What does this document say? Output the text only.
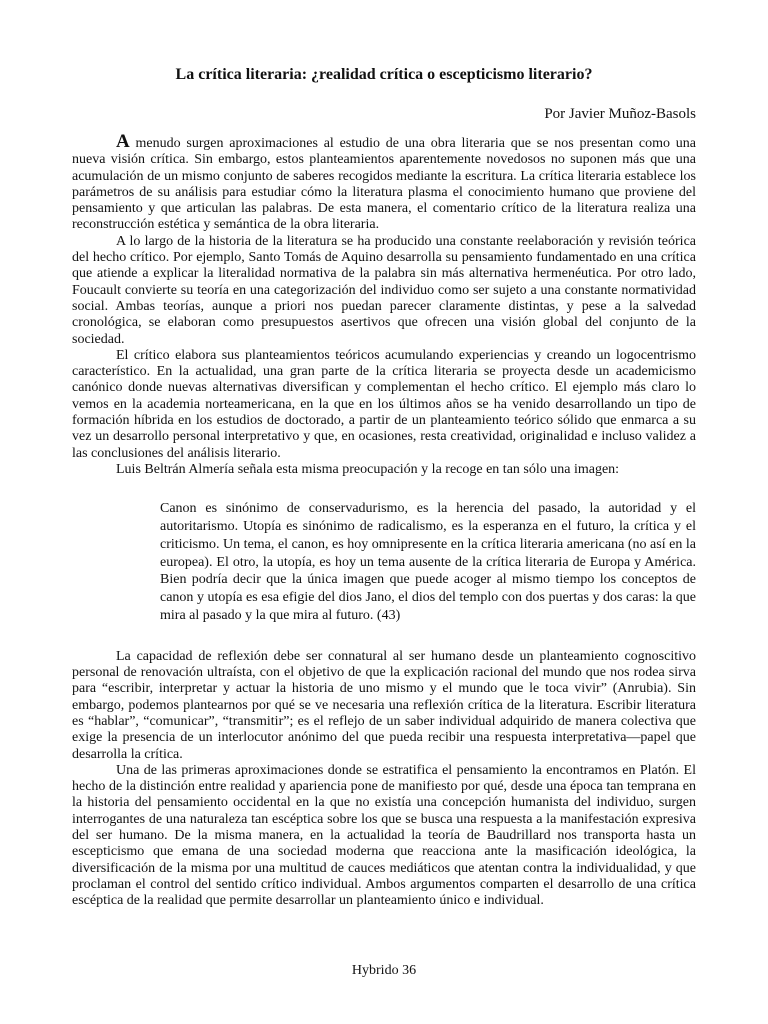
La crítica literaria: ¿realidad crítica o escepticismo literario?

Por Javier Muñoz-Basols

A menudo surgen aproximaciones al estudio de una obra literaria que se nos presentan como una nueva visión crítica. Sin embargo, estos planteamientos aparentemente novedosos no suponen más que una acumulación de un mismo conjunto de saberes recogidos mediante la escritura. La crítica literaria establece los parámetros de su análisis para estudiar cómo la literatura plasma el conocimiento humano que proviene del pensamiento y que articulan las palabras. De esta manera, el comentario crítico de la literatura realiza una reconstrucción estética y semántica de la obra literaria.

A lo largo de la historia de la literatura se ha producido una constante reelaboración y revisión teórica del hecho crítico. Por ejemplo, Santo Tomás de Aquino desarrolla su pensamiento fundamentado en una crítica que atiende a explicar la literalidad normativa de la palabra sin más alternativa hermenéutica. Por otro lado, Foucault convierte su teoría en una categorización del individuo como ser sujeto a una constante normatividad social. Ambas teorías, aunque a priori nos puedan parecer claramente distintas, y pese a la salvedad cronológica, se elaboran como presupuestos asertivos que ofrecen una visión global del conjunto de la sociedad.

El crítico elabora sus planteamientos teóricos acumulando experiencias y creando un logocentrismo característico. En la actualidad, una gran parte de la crítica literaria se proyecta desde un academicismo canónico donde nuevas alternativas diversifican y complementan el hecho crítico. El ejemplo más claro lo vemos en la academia norteamericana, en la que en los últimos años se ha venido desarrollando un tipo de formación híbrida en los estudios de doctorado, a partir de un planteamiento teórico sólido que enmarca a su vez un desarrollo personal interpretativo y que, en ocasiones, resta creatividad, originalidad e incluso validez a las conclusiones del análisis literario.

Luis Beltrán Almería señala esta misma preocupación y la recoge en tan sólo una imagen:

Canon es sinónimo de conservadurismo, es la herencia del pasado, la autoridad y el autoritarismo. Utopía es sinónimo de radicalismo, es la esperanza en el futuro, la crítica y el criticismo. Un tema, el canon, es hoy omnipresente en la crítica literaria americana (no así en la europea). El otro, la utopía, es hoy un tema ausente de la crítica literaria de Europa y América. Bien podría decir que la única imagen que puede acoger al mismo tiempo los conceptos de canon y utopía es esa efigie del dios Jano, el dios del templo con dos puertas y dos caras: la que mira al pasado y la que mira al futuro. (43)

La capacidad de reflexión debe ser connatural al ser humano desde un planteamiento cognoscitivo personal de renovación ultraísta, con el objetivo de que la explicación racional del mundo que nos rodea sirva para “escribir, interpretar y actuar la historia de uno mismo y el mundo que le toca vivir” (Anrubia). Sin embargo, podemos plantearnos por qué se ve necesaria una reflexión crítica de la literatura. Escribir literatura es “hablar”, “comunicar”, “transmitir”; es el reflejo de un saber individual adquirido de manera colectiva que exige la presencia de un interlocutor anónimo del que pueda recibir una respuesta interpretativa—papel que desarrolla la crítica.

Una de las primeras aproximaciones donde se estratifica el pensamiento la encontramos en Platón. El hecho de la distinción entre realidad y apariencia pone de manifiesto por qué, desde una época tan temprana en la historia del pensamiento occidental en la que no existía una concepción humanista del individuo, surgen interrogantes de una naturaleza tan escéptica sobre los que se busca una respuesta a la manifestación expresiva del ser humano. De la misma manera, en la actualidad la teoría de Baudrillard nos transporta hasta un escepticismo que emana de una sociedad moderna que reacciona ante la masificación ideológica, la diversificación de la misma por una multitud de cauces mediáticos que atentan contra la individualidad, y que proclaman el control del sentido crítico individual. Ambos argumentos comparten el desarrollo de una crítica escéptica de la realidad que permite desarrollar un planteamiento único e individual.

Hybrido 36
